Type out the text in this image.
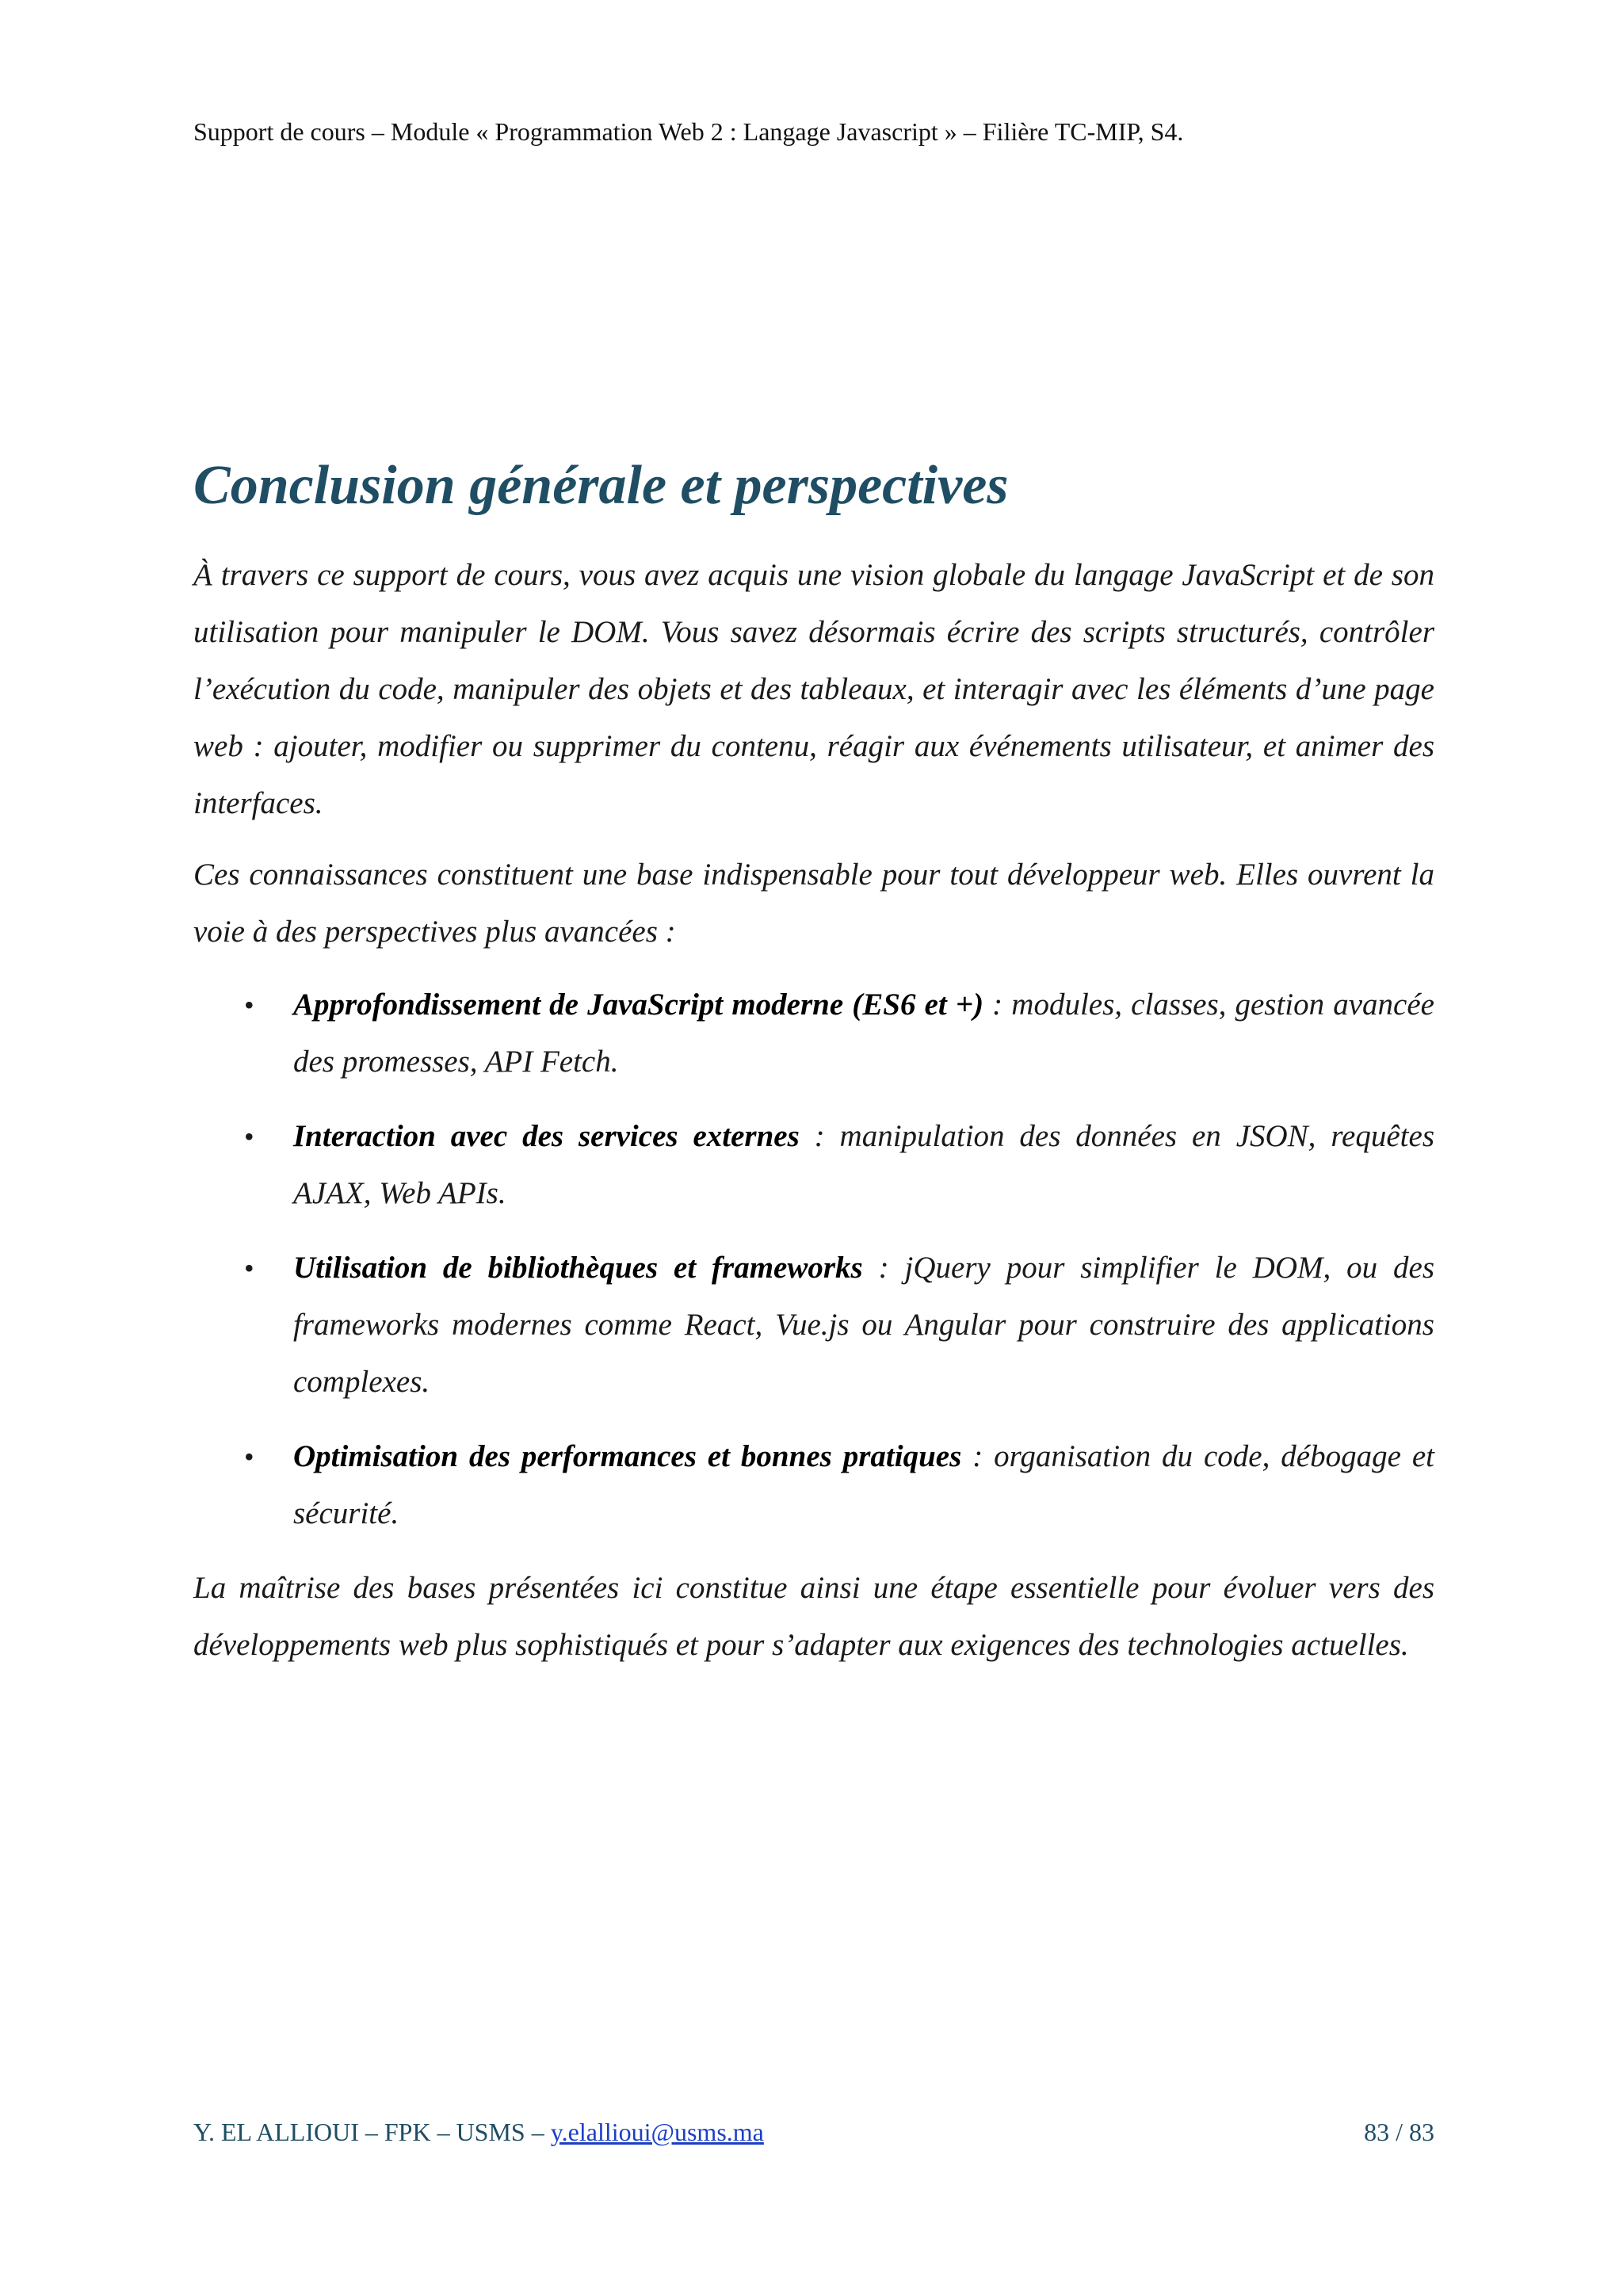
Support de cours – Module « Programmation Web 2 : Langage Javascript » – Filière TC-MIP, S4.
Conclusion générale et perspectives

À travers ce support de cours, vous avez acquis une vision globale du langage JavaScript et de son utilisation pour manipuler le DOM. Vous savez désormais écrire des scripts structurés, contrôler l’exécution du code, manipuler des objets et des tableaux, et interagir avec les éléments d’une page web : ajouter, modifier ou supprimer du contenu, réagir aux événements utilisateur, et animer des interfaces.

Ces connaissances constituent une base indispensable pour tout développeur web. Elles ouvrent la voie à des perspectives plus avancées :

• Approfondissement de JavaScript moderne (ES6 et +) : modules, classes, gestion avancée des promesses, API Fetch.
• Interaction avec des services externes : manipulation des données en JSON, requêtes AJAX, Web APIs.
• Utilisation de bibliothèques et frameworks : jQuery pour simplifier le DOM, ou des frameworks modernes comme React, Vue.js ou Angular pour construire des applications complexes.
• Optimisation des performances et bonnes pratiques : organisation du code, débogage et sécurité.

La maîtrise des bases présentées ici constitue ainsi une étape essentielle pour évoluer vers des développements web plus sophistiqués et pour s’adapter aux exigences des technologies actuelles.

Y. EL ALLIOUI – FPK – USMS – y.elallioui@usms.ma	83 / 83
